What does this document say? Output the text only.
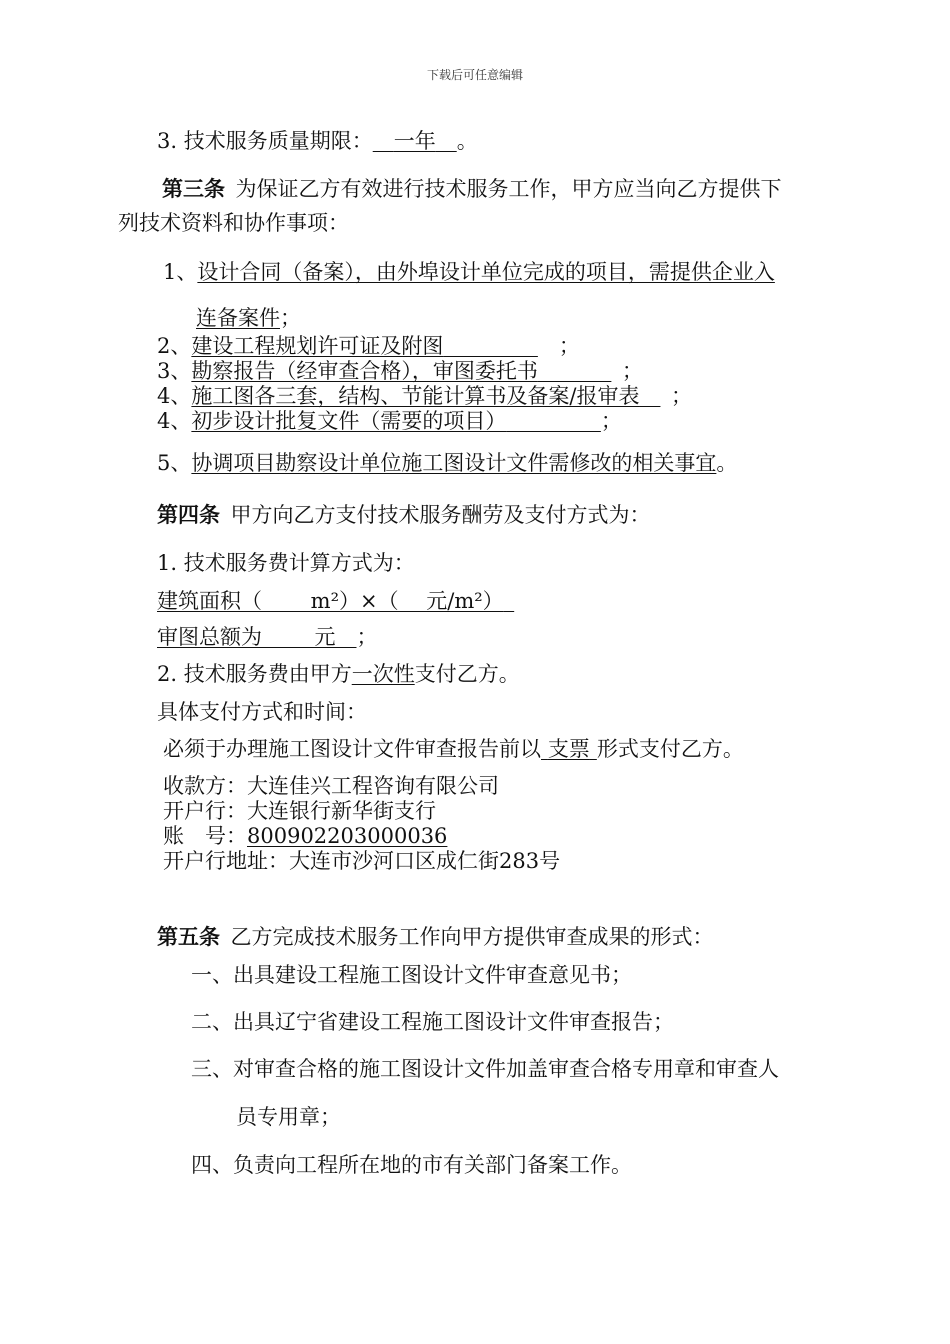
下载后可任意编辑
3. 技术服务质量期限：  一年  。
第三条  为保证乙方有效进行技术服务工作，甲方应当向乙方提供下
列技术资料和协作事项：
1、设计合同（备案），由外埠设计单位完成的项目，需提供企业入
连备案件；
2、建设工程规划许可证及附图      	；
3、勘察报告（经审查合格），审图委托书     	；
4、施工图各三套，结构、节能计算书及备案/报审表    ；
4、初步设计批复文件（需要的项目）     	；
5、协调项目勘察设计单位施工图设计文件需修改的相关事宜。
第四条  甲方向乙方支付技术服务酬劳及支付方式为：
1. 技术服务费计算方式为：
建筑面积（　　 m²）×（　 元/m²） 
审图总额为   	元  ；
2. 技术服务费由甲方一次性支付乙方。
具体支付方式和时间：
必须于办理施工图设计文件审查报告前以  支票  形式支付乙方。
收款方：大连佳兴工程咨询有限公司
开户行：大连银行新华街支行
账　号：800902203000036
开户行地址：大连市沙河口区成仁街283号
第五条  乙方完成技术服务工作向甲方提供审查成果的形式：
一、出具建设工程施工图设计文件审查意见书；
二、出具辽宁省建设工程施工图设计文件审查报告；
三、对审查合格的施工图设计文件加盖审查合格专用章和审查人
员专用章；
四、负责向工程所在地的市有关部门备案工作。
